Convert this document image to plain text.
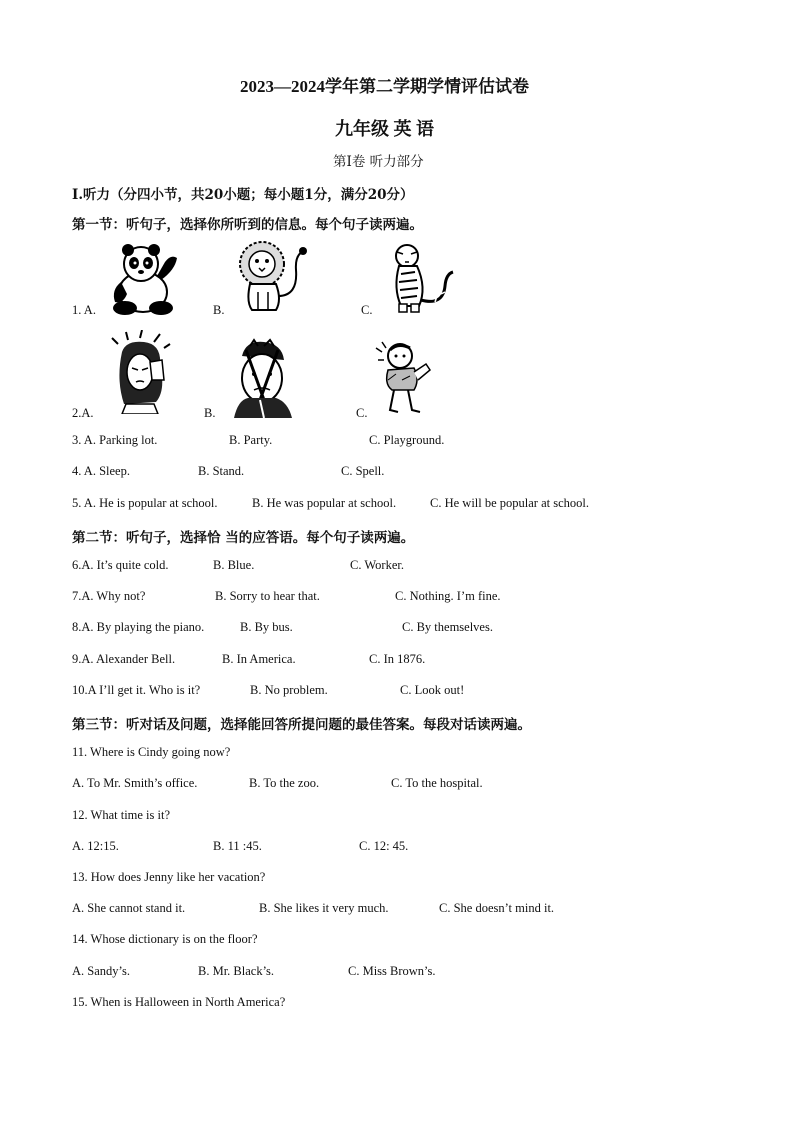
2023—2024学年第二学期学情评估试卷
九年级 英 语
第Ⅰ卷 听力部分
Ⅰ.听力（分四小节，共20小题；每小题1分，满分20分）
第一节：听句子，选择你所听到的信息。每个句子读两遍。
1. A.	B.	C.
2.A.	B.	C.
3. A. Parking lot.	B. Party.	C. Playground.
4. A. Sleep.	B. Stand.	C. Spell.
5. A. He is popular at school.	B. He was popular at school.	C. He will be popular at school.
第二节：听句子，选择恰 当的应答语。每个句子读两遍。
6.A. It’s quite cold.	B. Blue.	C. Worker.
7.A. Why not?	B. Sorry to hear that.	C. Nothing. I’m fine.
8.A. By playing the piano.	B. By bus.	C. By themselves.
9.A. Alexander Bell.	B. In America.	C. In 1876.
10.A I’ll get it. Who is it?	B. No problem.	C. Look out!
第三节：听对话及问题，选择能回答所提问题的最佳答案。每段对话读两遍。
11. Where is Cindy going now?
A. To Mr. Smith’s office.	B. To the zoo.	C. To the hospital.
12. What time is it?
A. 12:15.	B. 11 :45.	C. 12: 45.
13. How does Jenny like her vacation?
A. She cannot stand it.	B. She likes it very much.	C. She doesn’t mind it.
14. Whose dictionary is on the floor?
A. Sandy’s.	B. Mr. Black’s.	C. Miss Brown’s.
15. When is Halloween in North America?
